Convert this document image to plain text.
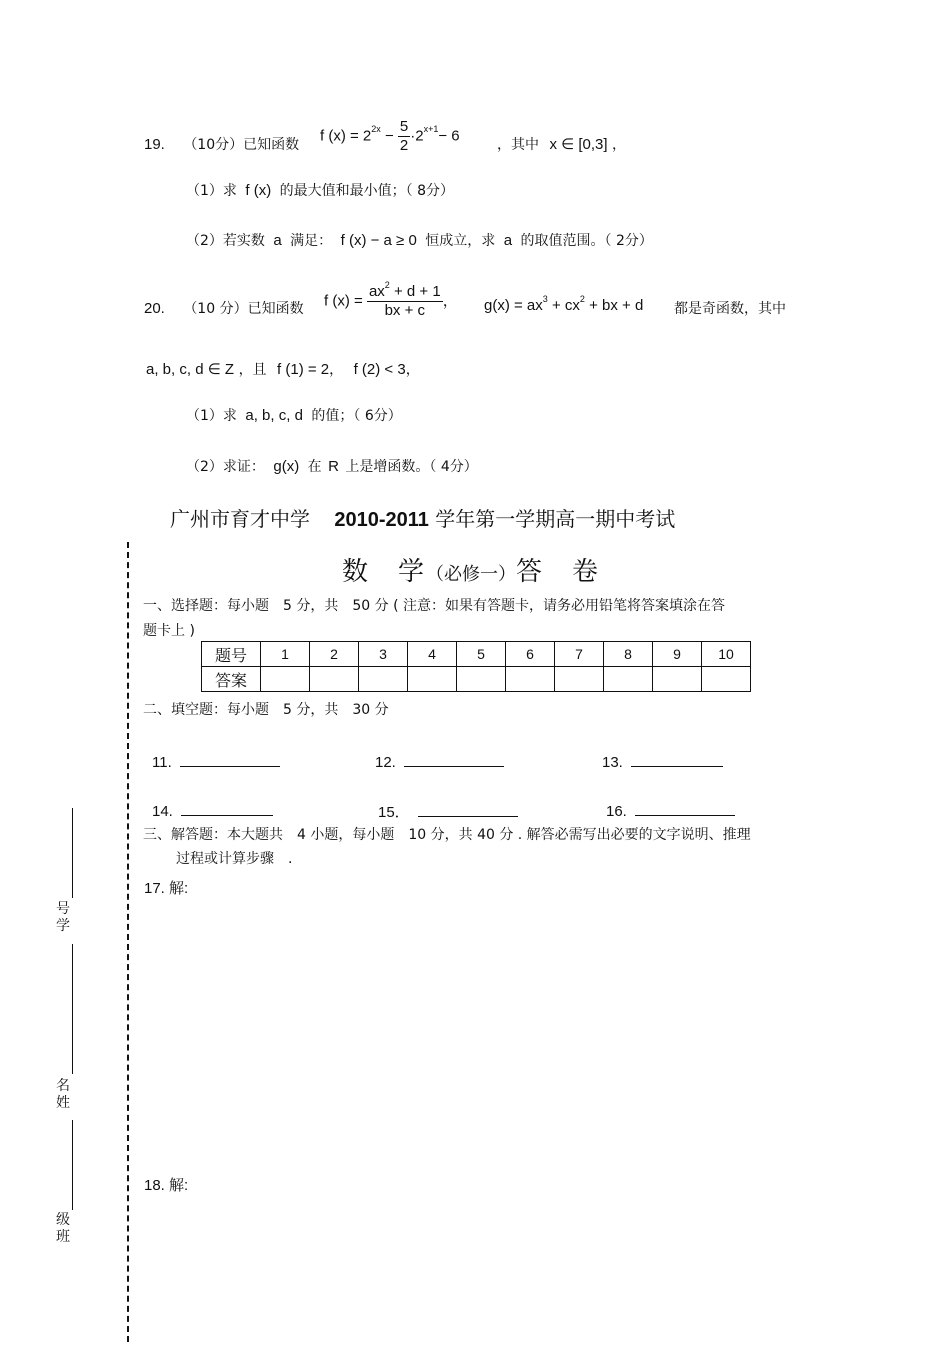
19. （10分）已知函数
f $(x) = 2^{2x} - \frac{5}{2} \cdot 2^{x+1}- 6$
，其中 x ∈ [0,3] ，
（1）求 f (x) 的最大值和最小值；（ 8分）
（2）若实数 a 满足： f (x) − a ≥ 0 恒成立，求 a 的取值范围。（ 2分）
20. （10 分）已知函数 f $(x) = \frac{ax^2 + d + 1}{bx + c}$ ， $g(x) = ax^3 + cx^2$ + bx + d 都是奇函数，其中
a, b, c, d ∈ Z ，且 f (1) = 2， f (2) < 3，
（1）求 a, b, c, d 的值；（ 6分）
（2）求证： g(x) 在 R 上是增函数。（ 4分）
广州市育才中学 2010-2011 学年第一学期高一期中考试
数　学（必修一）答　卷
一、选择题：每小题　5 分，共　50 分 ( 注意：如果有答题卡，请务必用铅笔将答案填涂在答
题卡上 )
题号	1	2	3	4	5	6	7	8	9	10
答案										
二、填空题：每小题　5 分，共　30 分
11.	12.	13.
14.	15．	16.
三、解答题：本大题共　4 小题，每小题　10 分，共 40 分 . 解答必需写出必要的文字说明、推理
过程或计算步骤　.
17. 解:
18. 解:
号学
名姓
级班
